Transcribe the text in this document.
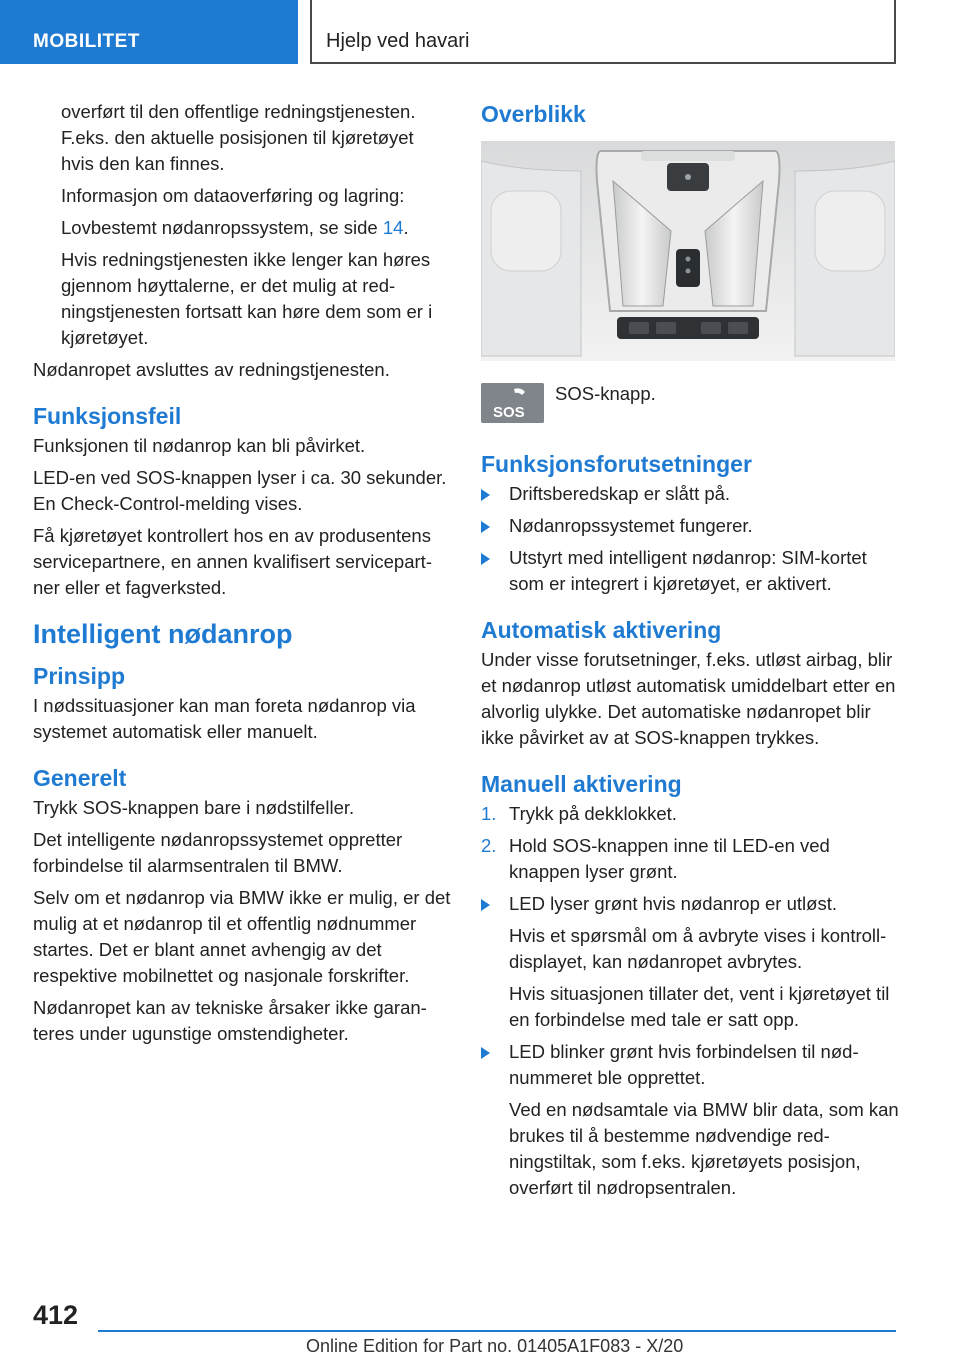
MOBILITET	Hjelp ved havari

overført til den offentlige redningstjenesten. F.eks. den aktuelle posisjonen til kjøretøyet hvis den kan finnes.

Informasjon om dataoverføring og lagring:

Lovbestemt nødanropssystem, se side 14.

Hvis redningstjenesten ikke lenger kan høres gjennom høyttalerne, er det mulig at redningstjenesten fortsatt kan høre dem som er i kjøretøyet.

Nødanropet avsluttes av redningstjenesten.

Funksjonsfeil

Funksjonen til nødanrop kan bli påvirket.

LED-en ved SOS-knappen lyser i ca. 30 sekunder. En Check-Control-melding vises.

Få kjøretøyet kontrollert hos en av produsentens servicepartnere, en annen kvalifisert servicepartner eller et fagverksted.

Intelligent nødanrop
Prinsipp

I nødssituasjoner kan man foreta nødanrop via systemet automatisk eller manuelt.

Generelt

Trykk SOS-knappen bare i nødstilfeller.

Det intelligente nødanropssystemet oppretter forbindelse til alarmsentralen til BMW.

Selv om et nødanrop via BMW ikke er mulig, er det mulig at et nødanrop til et offentlig nødnummer startes. Det er blant annet avhengig av det respektive mobilnettet og nasjonale forskrifter.

Nødanropet kan av tekniske årsaker ikke garanteres under ugunstige omstendigheter.

Overblikk
SOS
SOS-knapp.
Funksjonsforutsetninger
Driftsberedskap er slått på.
Nødanropssystemet fungerer.
Utstyrt med intelligent nødanrop: SIM-kortet som er integrert i kjøretøyet, er aktivert.
Automatisk aktivering

Under visse forutsetninger, f.eks. utløst airbag, blir et nødanrop utløst automatisk umiddelbart etter en alvorlig ulykke. Det automatiske nødanropet blir ikke påvirket av at SOS-knappen trykkes.

Manuell aktivering
1. Trykk på dekklokket.
2. Hold SOS-knappen inne til LED-en ved knappen lyser grønt.
LED lyser grønt hvis nødanrop er utløst.

Hvis et spørsmål om å avbryte vises i kontrolldisplayet, kan nødanropet avbrytes.

Hvis situasjonen tillater det, vent i kjøretøyet til en forbindelse med tale er satt opp.

LED blinker grønt hvis forbindelsen til nødnummeret ble opprettet.

Ved en nødsamtale via BMW blir data, som kan brukes til å bestemme nødvendige redningstiltak, som f.eks. kjøretøyets posisjon, overført til nødropsentralen.

412
Online Edition for Part no. 01405A1F083 - X/20
